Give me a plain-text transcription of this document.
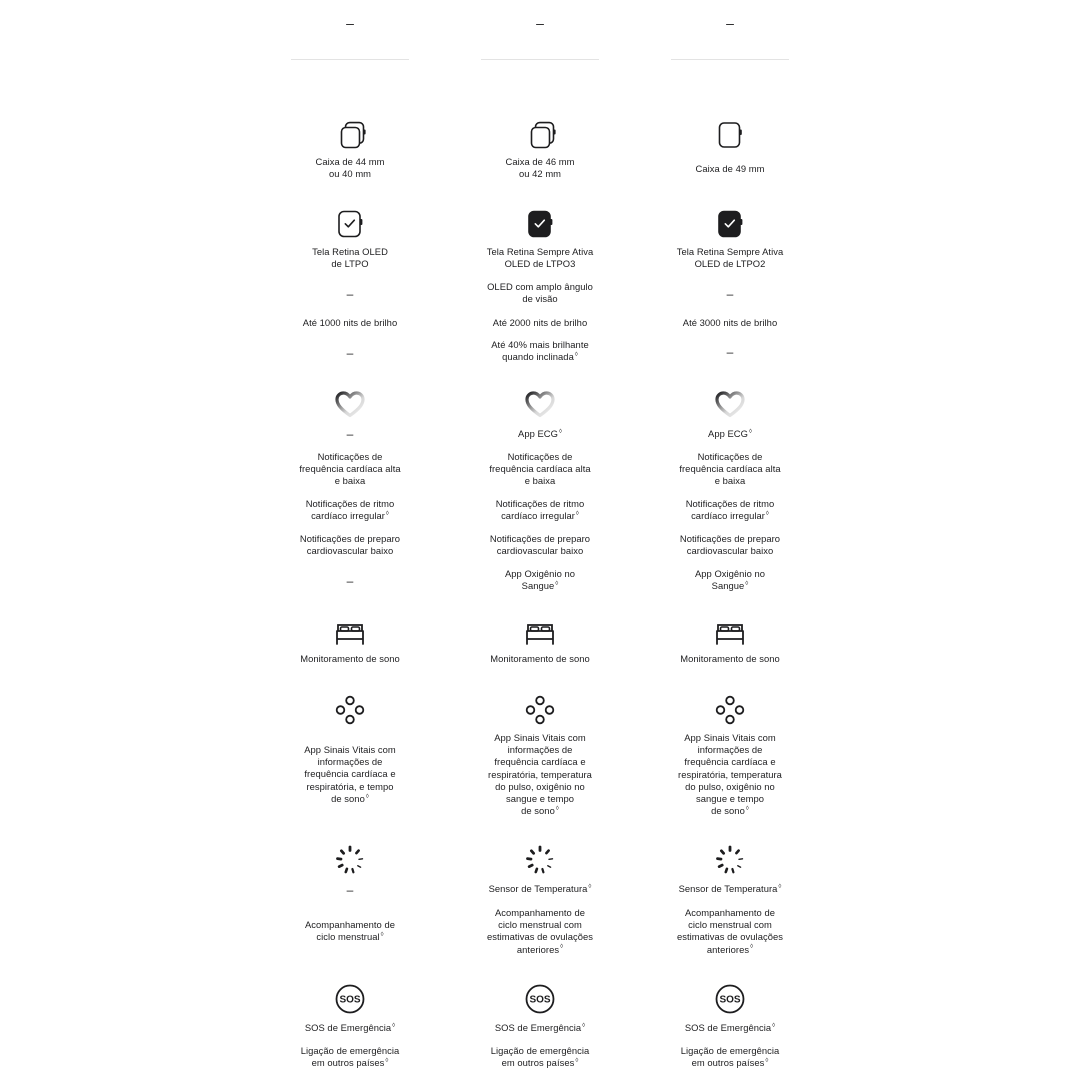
–
Caixa de 44 mm
ou 40 mm
Tela Retina OLED
de LTPO
–
Até 1000 nits de brilho
–
–
Notificações de
frequência cardíaca alta
e baixa
Notificações de ritmo
cardíaco irregular◊
Notificações de preparo
cardiovascular baixo
–
Monitoramento de sono
App Sinais Vitais com
informações de
frequência cardíaca e
respiratória, e tempo
de sono◊
–
Acompanhamento de
ciclo menstrual◊
SOS
SOS de Emergência◊
Ligação de emergência
em outros países◊
–
Caixa de 46 mm
ou 42 mm
Tela Retina Sempre Ativa
OLED de LTPO3
OLED com amplo ângulo
de visão
Até 2000 nits de brilho
Até 40% mais brilhante
quando inclinada◊
App ECG◊
Notificações de
frequência cardíaca alta
e baixa
Notificações de ritmo
cardíaco irregular◊
Notificações de preparo
cardiovascular baixo
App Oxigênio no
Sangue◊
Monitoramento de sono
App Sinais Vitais com
informações de
frequência cardíaca e
respiratória, temperatura
do pulso, oxigênio no
sangue e tempo
de sono◊
Sensor de Temperatura◊
Acompanhamento de
ciclo menstrual com
estimativas de ovulações
anteriores◊
SOS
SOS de Emergência◊
Ligação de emergência
em outros países◊
–
Caixa de 49 mm
Tela Retina Sempre Ativa
OLED de LTPO2
–
Até 3000 nits de brilho
–
App ECG◊
Notificações de
frequência cardíaca alta
e baixa
Notificações de ritmo
cardíaco irregular◊
Notificações de preparo
cardiovascular baixo
App Oxigênio no
Sangue◊
Monitoramento de sono
App Sinais Vitais com
informações de
frequência cardíaca e
respiratória, temperatura
do pulso, oxigênio no
sangue e tempo
de sono◊
Sensor de Temperatura◊
Acompanhamento de
ciclo menstrual com
estimativas de ovulações
anteriores◊
SOS
SOS de Emergência◊
Ligação de emergência
em outros países◊
